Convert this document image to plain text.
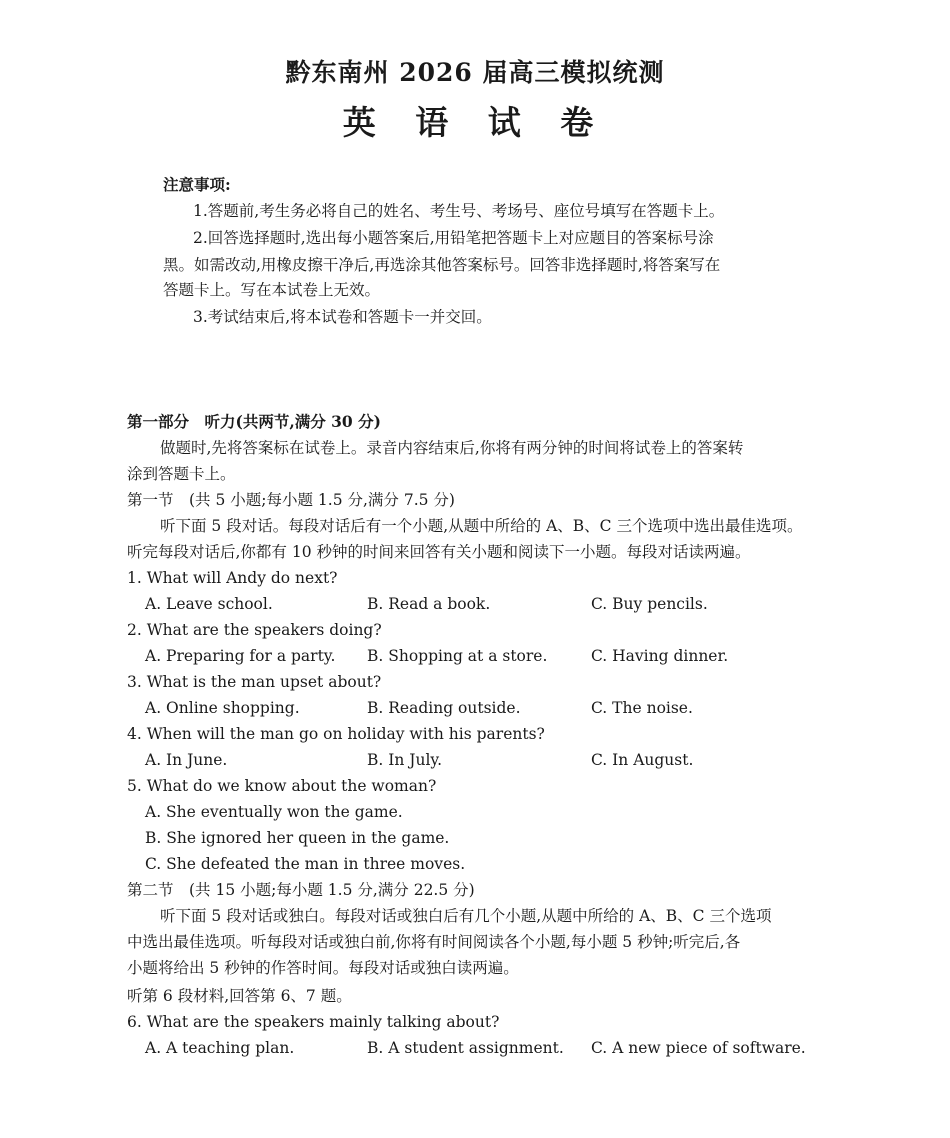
黔东南州 2026 届高三模拟统测
英 语 试 卷
注意事项:
1.答题前,考生务必将自己的姓名、考生号、考场号、座位号填写在答题卡上。
2.回答选择题时,选出每小题答案后,用铅笔把答题卡上对应题目的答案标号涂
黑。如需改动,用橡皮擦干净后,再选涂其他答案标号。回答非选择题时,将答案写在
答题卡上。写在本试卷上无效。
3.考试结束后,将本试卷和答题卡一并交回。
第一部分　听力(共两节,满分 30 分)
做题时,先将答案标在试卷上。录音内容结束后,你将有两分钟的时间将试卷上的答案转
涂到答题卡上。
第一节　(共 5 小题;每小题 1.5 分,满分 7.5 分)
听下面 5 段对话。每段对话后有一个小题,从题中所给的 A、B、C 三个选项中选出最佳选项。
听完每段对话后,你都有 10 秒钟的时间来回答有关小题和阅读下一小题。每段对话读两遍。
1. What will Andy do next?
A. Leave school.	B. Read a book.	C. Buy pencils.
2. What are the speakers doing?
A. Preparing for a party. B. Shopping at a store.	C. Having dinner.
3. What is the man upset about?
A. Online shopping.	B. Reading outside.	C. The noise.
4. When will the man go on holiday with his parents?
A. In June.	B. In July.	C. In August.
5. What do we know about the woman?
A. She eventually won the game.
B. She ignored her queen in the game.
C. She defeated the man in three moves.
第二节　(共 15 小题;每小题 1.5 分,满分 22.5 分)
听下面 5 段对话或独白。每段对话或独白后有几个小题,从题中所给的 A、B、C 三个选项
中选出最佳选项。听每段对话或独白前,你将有时间阅读各个小题,每小题 5 秒钟;听完后,各
小题将给出 5 秒钟的作答时间。每段对话或独白读两遍。
听第 6 段材料,回答第 6、7 题。
6. What are the speakers mainly talking about?
A. A teaching plan.	B. A student assignment. C. A new piece of software.
